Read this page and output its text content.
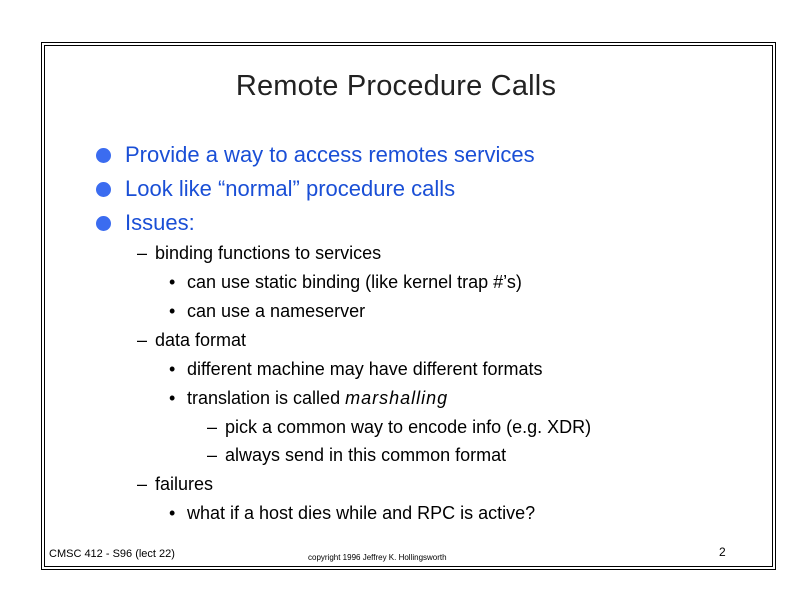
Remote Procedure Calls
Provide a way to access remotes services
Look like “normal” procedure calls
Issues:
– binding functions to services
• can use static binding (like kernel trap #’s)
• can use a nameserver
– data format
• different machine may have different formats
• translation is called marshalling
– pick a common way to encode info (e.g. XDR)
– always send in this common format
– failures
• what if a host dies while and RPC is active?
CMSC 412 - S96 (lect 22)	copyright 1996 Jeffrey K. Hollingsworth	2
